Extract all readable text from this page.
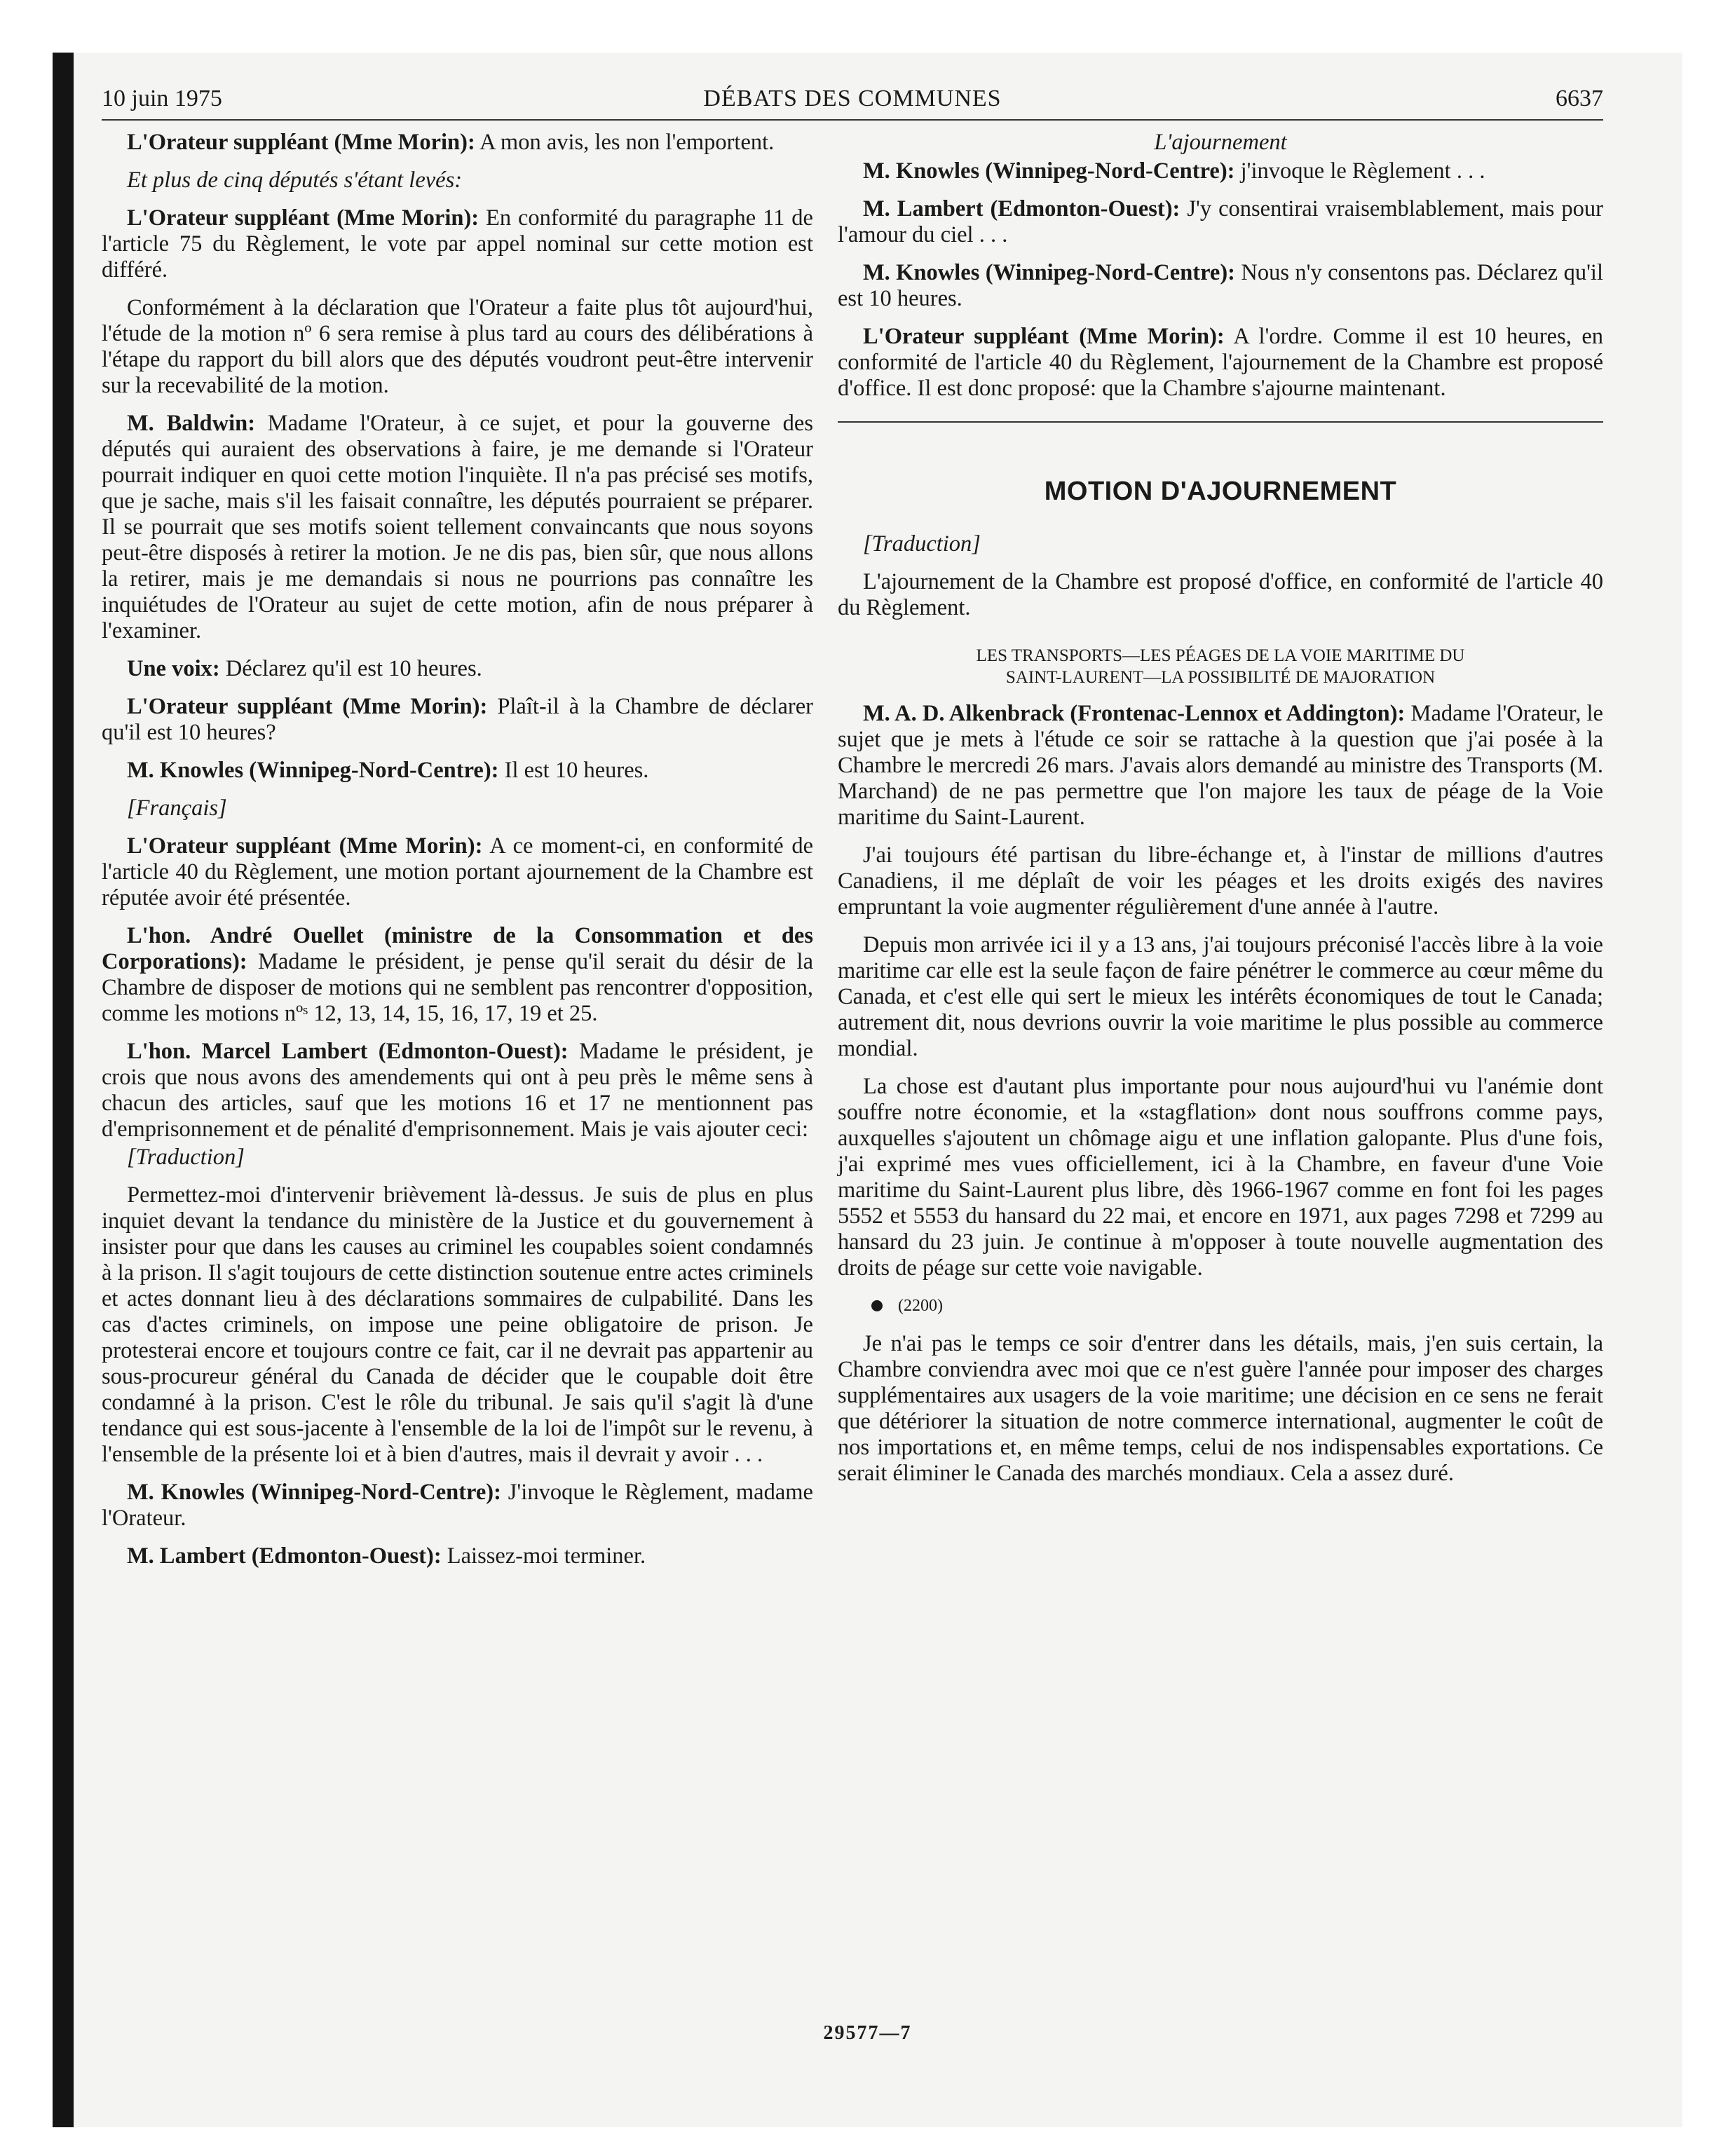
10 juin 1975	DÉBATS DES COMMUNES	6637

L'Orateur suppléant (Mme Morin): A mon avis, les non l'emportent.

Et plus de cinq députés s'étant levés:

L'Orateur suppléant (Mme Morin): En conformité du paragraphe 11 de l'article 75 du Règlement, le vote par appel nominal sur cette motion est différé.

Conformément à la déclaration que l'Orateur a faite plus tôt aujourd'hui, l'étude de la motion nº 6 sera remise à plus tard au cours des délibérations à l'étape du rapport du bill alors que des députés voudront peut-être intervenir sur la recevabilité de la motion.

M. Baldwin: Madame l'Orateur, à ce sujet, et pour la gouverne des députés qui auraient des observations à faire, je me demande si l'Orateur pourrait indiquer en quoi cette motion l'inquiète. Il n'a pas précisé ses motifs, que je sache, mais s'il les faisait connaître, les députés pourraient se préparer. Il se pourrait que ses motifs soient tellement convaincants que nous soyons peut-être disposés à retirer la motion. Je ne dis pas, bien sûr, que nous allons la retirer, mais je me demandais si nous ne pourrions pas connaître les inquiétudes de l'Orateur au sujet de cette motion, afin de nous préparer à l'examiner.

Une voix: Déclarez qu'il est 10 heures.

L'Orateur suppléant (Mme Morin): Plaît-il à la Chambre de déclarer qu'il est 10 heures?

M. Knowles (Winnipeg-Nord-Centre): Il est 10 heures.

[Français]

L'Orateur suppléant (Mme Morin): A ce moment-ci, en conformité de l'article 40 du Règlement, une motion portant ajournement de la Chambre est réputée avoir été présentée.

L'hon. André Ouellet (ministre de la Consommation et des Corporations): Madame le président, je pense qu'il serait du désir de la Chambre de disposer de motions qui ne semblent pas rencontrer d'opposition, comme les motions nºˢ 12, 13, 14, 15, 16, 17, 19 et 25.

L'hon. Marcel Lambert (Edmonton-Ouest): Madame le président, je crois que nous avons des amendements qui ont à peu près le même sens à chacun des articles, sauf que les motions 16 et 17 ne mentionnent pas d'emprisonnement et de pénalité d'emprisonnement. Mais je vais ajouter ceci:

[Traduction]

Permettez-moi d'intervenir brièvement là-dessus. Je suis de plus en plus inquiet devant la tendance du ministère de la Justice et du gouvernement à insister pour que dans les causes au criminel les coupables soient condamnés à la prison. Il s'agit toujours de cette distinction soutenue entre actes criminels et actes donnant lieu à des déclarations sommaires de culpabilité. Dans les cas d'actes criminels, on impose une peine obligatoire de prison. Je protesterai encore et toujours contre ce fait, car il ne devrait pas appartenir au sous-procureur général du Canada de décider que le coupable doit être condamné à la prison. C'est le rôle du tribunal. Je sais qu'il s'agit là d'une tendance qui est sous-jacente à l'ensemble de la loi de l'impôt sur le revenu, à l'ensemble de la présente loi et à bien d'autres, mais il devrait y avoir . . .

M. Knowles (Winnipeg-Nord-Centre): J'invoque le Règlement, madame l'Orateur.

M. Lambert (Edmonton-Ouest): Laissez-moi terminer.

L'ajournement

M. Knowles (Winnipeg-Nord-Centre): j'invoque le Règlement . . .

M. Lambert (Edmonton-Ouest): J'y consentirai vraisemblablement, mais pour l'amour du ciel . . .

M. Knowles (Winnipeg-Nord-Centre): Nous n'y consentons pas. Déclarez qu'il est 10 heures.

L'Orateur suppléant (Mme Morin): A l'ordre. Comme il est 10 heures, en conformité de l'article 40 du Règlement, l'ajournement de la Chambre est proposé d'office. Il est donc proposé: que la Chambre s'ajourne maintenant.

MOTION D'AJOURNEMENT

[Traduction]

L'ajournement de la Chambre est proposé d'office, en conformité de l'article 40 du Règlement.

LES TRANSPORTS—LES PÉAGES DE LA VOIE MARITIME DU
SAINT-LAURENT—LA POSSIBILITÉ DE MAJORATION

M. A. D. Alkenbrack (Frontenac-Lennox et Addington): Madame l'Orateur, le sujet que je mets à l'étude ce soir se rattache à la question que j'ai posée à la Chambre le mercredi 26 mars. J'avais alors demandé au ministre des Transports (M. Marchand) de ne pas permettre que l'on majore les taux de péage de la Voie maritime du Saint-Laurent.

J'ai toujours été partisan du libre-échange et, à l'instar de millions d'autres Canadiens, il me déplaît de voir les péages et les droits exigés des navires empruntant la voie augmenter régulièrement d'une année à l'autre.

Depuis mon arrivée ici il y a 13 ans, j'ai toujours préconisé l'accès libre à la voie maritime car elle est la seule façon de faire pénétrer le commerce au cœur même du Canada, et c'est elle qui sert le mieux les intérêts économiques de tout le Canada; autrement dit, nous devrions ouvrir la voie maritime le plus possible au commerce mondial.

La chose est d'autant plus importante pour nous aujourd'hui vu l'anémie dont souffre notre économie, et la «stagflation» dont nous souffrons comme pays, auxquelles s'ajoutent un chômage aigu et une inflation galopante. Plus d'une fois, j'ai exprimé mes vues officiellement, ici à la Chambre, en faveur d'une Voie maritime du Saint-Laurent plus libre, dès 1966-1967 comme en font foi les pages 5552 et 5553 du hansard du 22 mai, et encore en 1971, aux pages 7298 et 7299 au hansard du 23 juin. Je continue à m'opposer à toute nouvelle augmentation des droits de péage sur cette voie navigable.

(2200)

Je n'ai pas le temps ce soir d'entrer dans les détails, mais, j'en suis certain, la Chambre conviendra avec moi que ce n'est guère l'année pour imposer des charges supplémentaires aux usagers de la voie maritime; une décision en ce sens ne ferait que détériorer la situation de notre commerce international, augmenter le coût de nos importations et, en même temps, celui de nos indispensables exportations. Ce serait éliminer le Canada des marchés mondiaux. Cela a assez duré.

29577—7
